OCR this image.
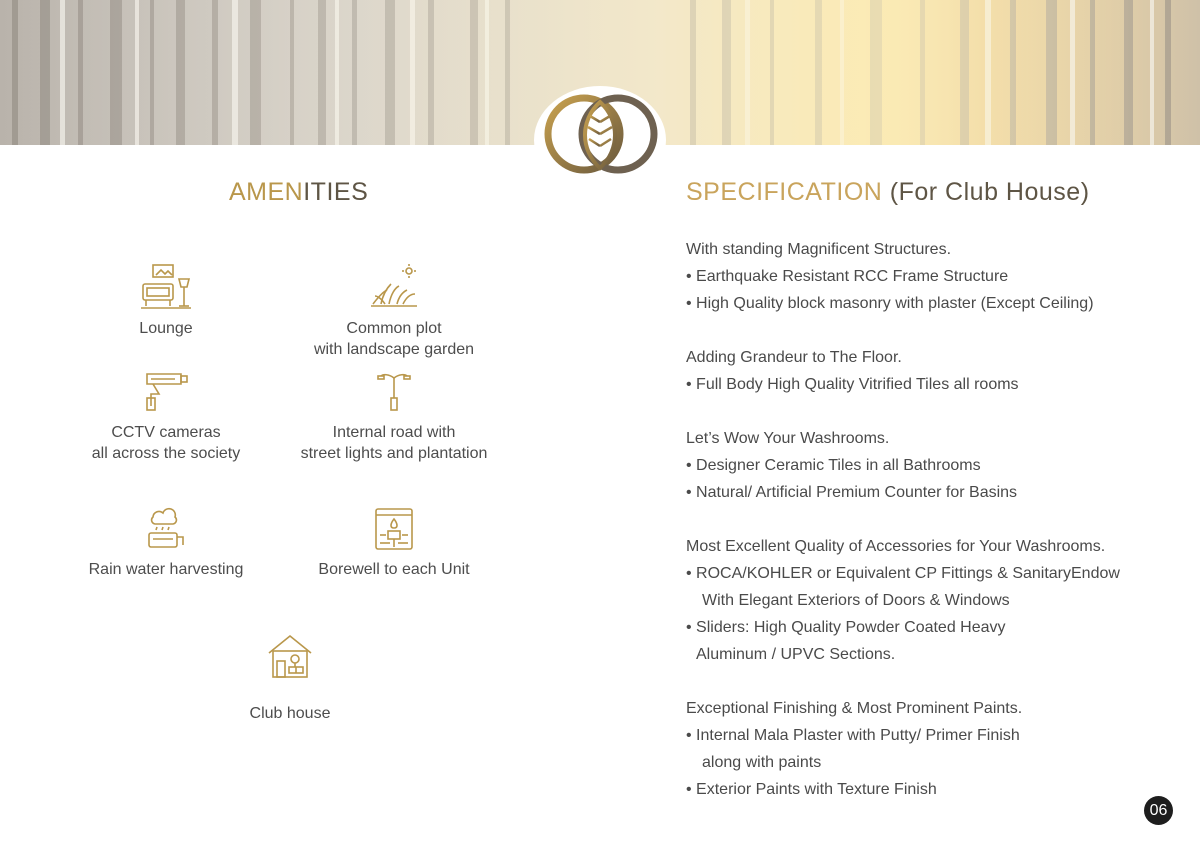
AMENITIES	SPECIFICATION (For Club House)
Lounge	Common plot
with landscape garden
CCTV cameras
all across the society
Internal road with
street lights and plantation
Rain water harvesting	Borewell to each Unit
Club house
With standing Magnificent Structures.
• Earthquake Resistant RCC Frame Structure
• High Quality block masonry with plaster (Except Ceiling)
Adding Grandeur to The Floor.
• Full Body High Quality Vitrified Tiles all rooms
Let’s Wow Your Washrooms.
• Designer Ceramic Tiles in all Bathrooms
• Natural/ Artificial Premium Counter for Basins
Most Excellent Quality of Accessories for Your Washrooms.
• ROCA/KOHLER or Equivalent CP Fittings & SanitaryEndow
With Elegant Exteriors of Doors & Windows
• Sliders: High Quality Powder Coated Heavy
Aluminum / UPVC Sections.
Exceptional Finishing & Most Prominent Paints.
• Internal Mala Plaster with Putty/ Primer Finish
along with paints
• Exterior Paints with Texture Finish
06
